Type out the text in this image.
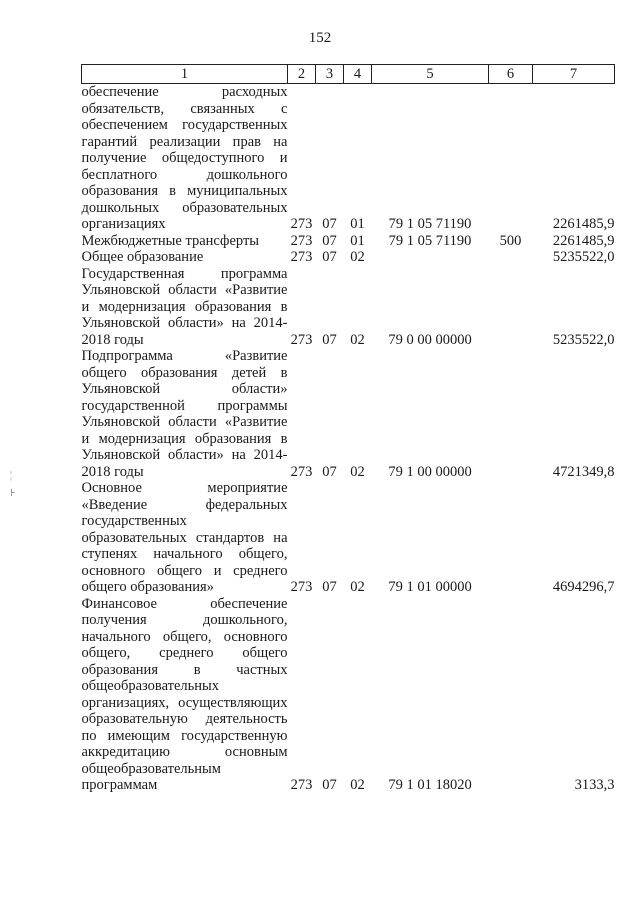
152
1	2	3	4	5	6	7
обеспечение расходных обязательств, связанных с обеспечением государственных гарантий реализации прав на получение общедоступного и бесплатного дошкольного образования в муниципальных дошкольных образовательных организациях	273	07	01	79 1 05 71190		2261485,9
Межбюджетные трансферты	273	07	01	79 1 05 71190	500	2261485,9
Общее образование	273	07	02			5235522,0
Государственная программа Ульяновской области «Развитие и модернизация образования в Ульяновской области» на 2014-2018 годы	273	07	02	79 0 00 00000		5235522,0
Подпрограмма «Развитие общего образования детей в Ульяновской области» государственной программы Ульяновской области «Развитие и модернизация образования в Ульяновской области» на 2014-2018 годы	273	07	02	79 1 00 00000		4721349,8
Основное мероприятие «Введение федеральных государственных образовательных стандартов на ступенях начального общего, основного общего и среднего общего образования»	273	07	02	79 1 01 00000		4694296,7
Финансовое обеспечение получения дошкольного, начального общего, основного общего, среднего общего образования в частных общеобразовательных организациях, осуществляющих образовательную деятельность по имеющим государственную аккредитацию основным общеобразовательным программам	273	07	02	79 1 01 18020		3133,3
¦
⊦
